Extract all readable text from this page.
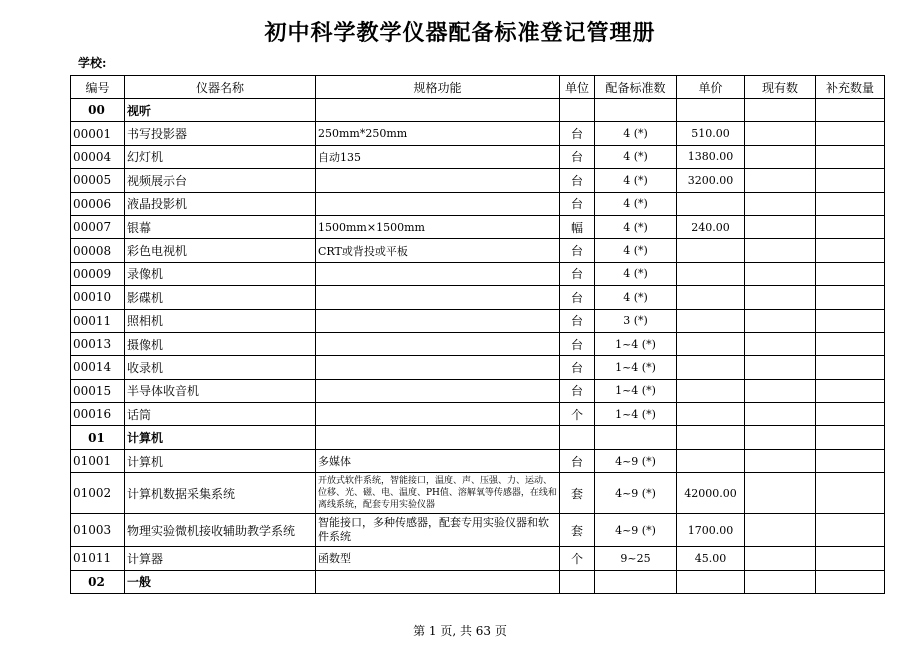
初中科学教学仪器配备标准登记管理册
学校:
编号	仪器名称	规格功能	单位	配备标准数	单价	现有数	补充数量
00	视听						
00001	书写投影器	250mm*250mm	台	4 (*)	510.00		
00004	幻灯机	自动135	台	4 (*)	1380.00		
00005	视频展示台		台	4 (*)	3200.00		
00006	液晶投影机		台	4 (*)			
00007	银幕	1500mm×1500mm	幅	4 (*)	240.00		
00008	彩色电视机	CRT或背投或平板	台	4 (*)			
00009	录像机		台	4 (*)			
00010	影碟机		台	4 (*)			
00011	照相机		台	3 (*)			
00013	摄像机		台	1~4 (*)			
00014	收录机		台	1~4 (*)			
00015	半导体收音机		台	1~4 (*)			
00016	话筒		个	1~4 (*)			
01	计算机						
01001	计算机	多媒体	台	4~9 (*)			
01002	计算机数据采集系统	开放式软件系统，智能接口，温度、声、压强、力、运动、位移、光、磁、电、温度、PH值、溶解氧等传感器，在线和离线系统，配套专用实验仪器	套	4~9 (*)	42000.00		
01003	物理实验微机接收辅助教学系统	智能接口，多种传感器，配套专用实验仪器和软件系统	套	4~9 (*)	1700.00		
01011	计算器	函数型	个	9~25	45.00		
02	一般						
第 1 页, 共 63 页
